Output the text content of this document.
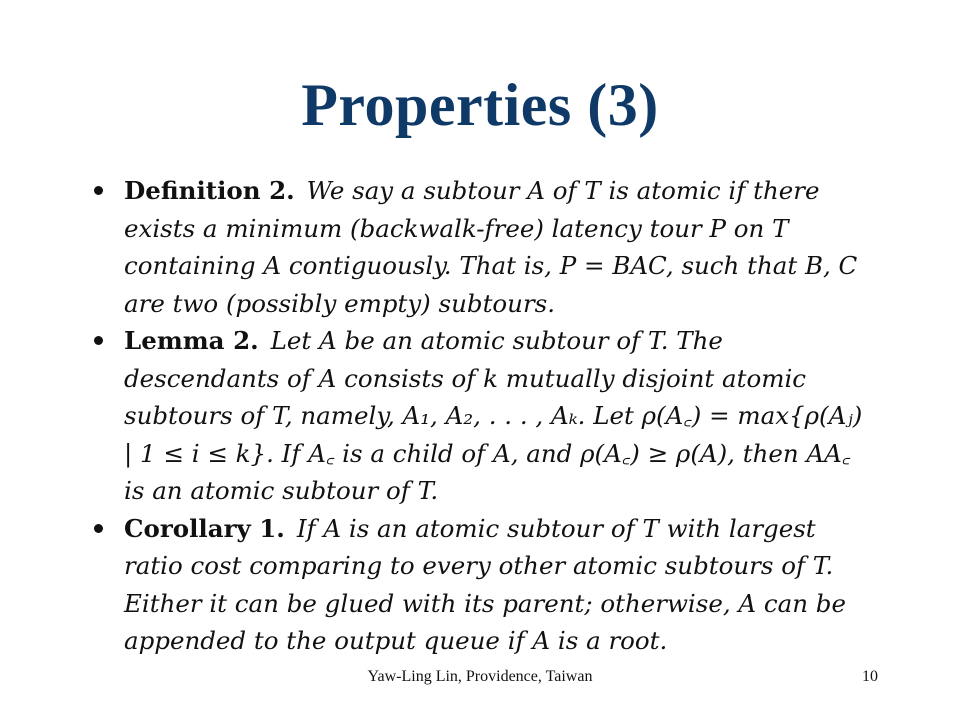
Properties (3)
Definition 2. We say a subtour A of T is atomic if there exists a minimum (backwalk-free) latency tour P on T containing A contiguously. That is, P = BAC, such that B, C are two (possibly empty) subtours.
Lemma 2. Let A be an atomic subtour of T. The descendants of A consists of k mutually disjoint atomic subtours of T, namely, A₁, A₂, . . . , Aₖ. Let ρ(A꜀) = max{ρ(Aⱼ) | 1 ≤ i ≤ k}. If A꜀ is a child of A, and ρ(A꜀) ≥ ρ(A), then AA꜀ is an atomic subtour of T.
Corollary 1. If A is an atomic subtour of T with largest ratio cost comparing to every other atomic subtours of T. Either it can be glued with its parent; otherwise, A can be appended to the output queue if A is a root.
Yaw-Ling Lin, Providence, Taiwan	10
